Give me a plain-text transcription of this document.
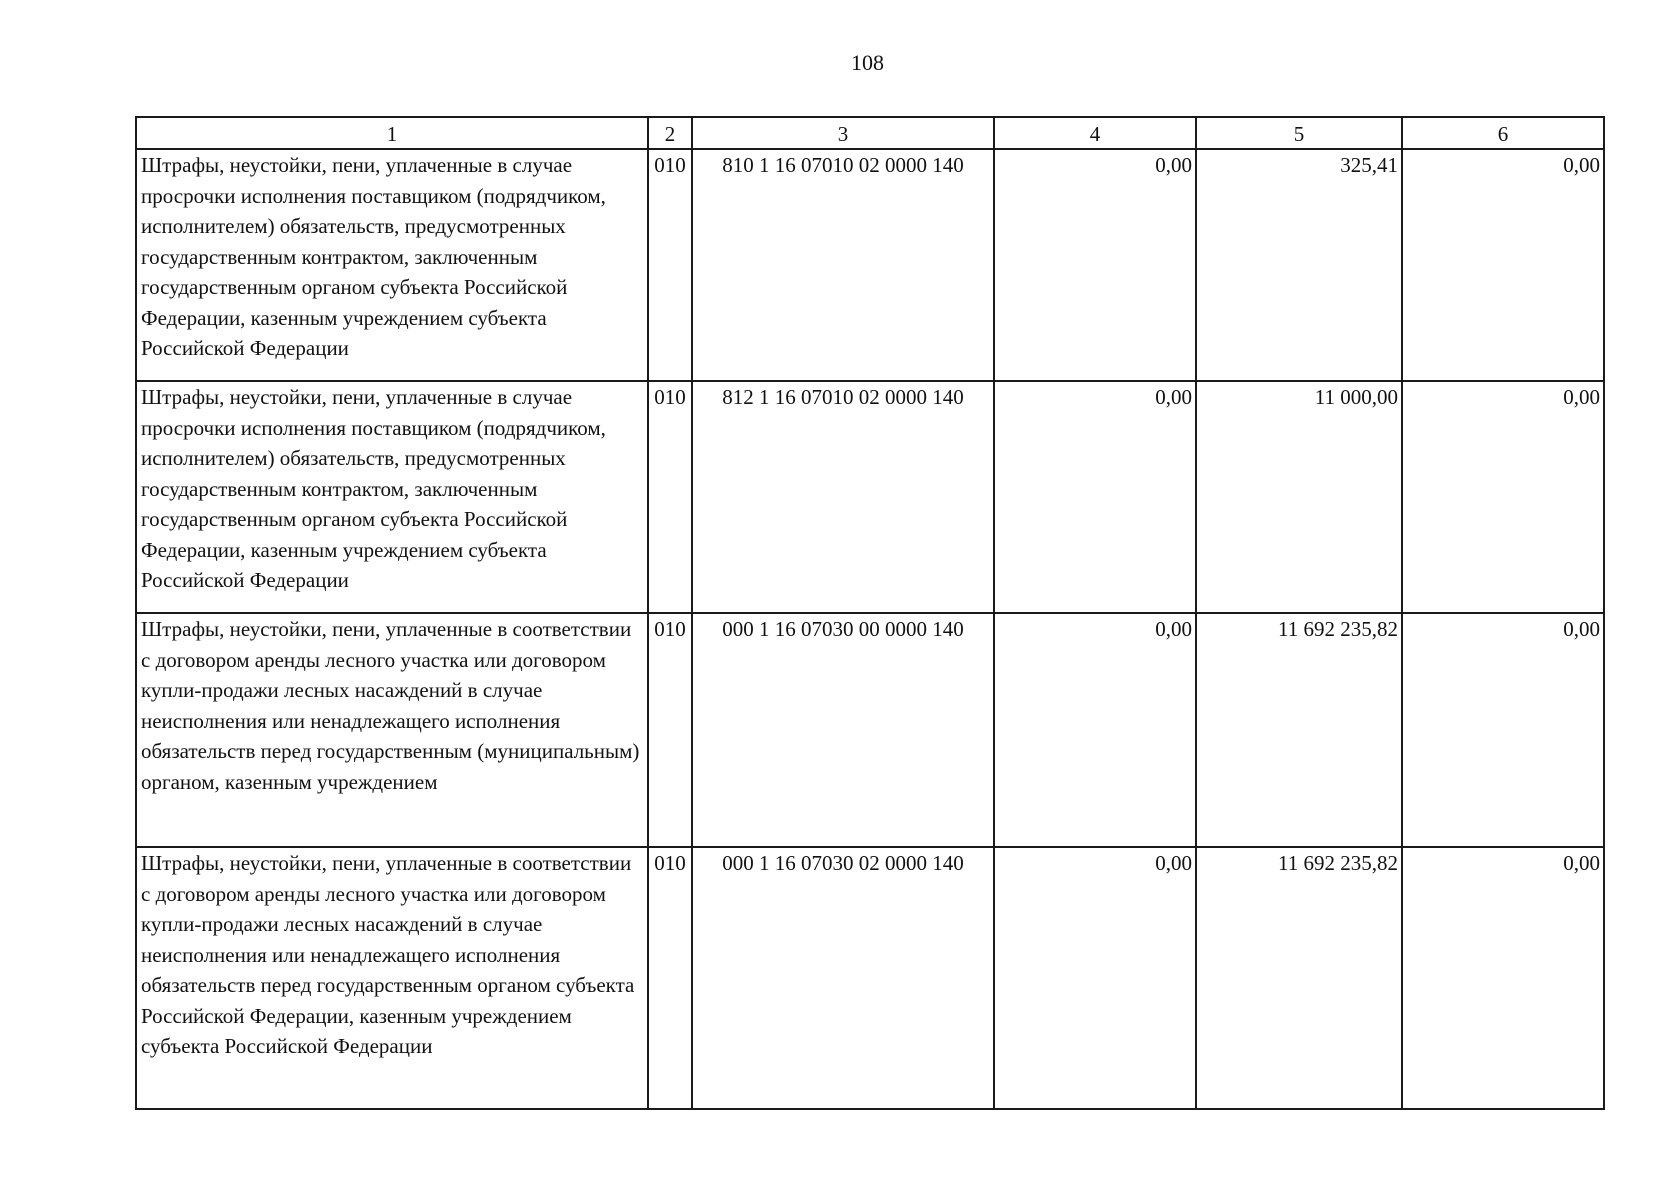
108
1	2	3	4	5	6
Штрафы, неустойки, пени, уплаченные в случае просрочки исполнения поставщиком (подрядчиком, исполнителем) обязательств, предусмотренных государственным контрактом, заключенным государственным органом субъекта Российской Федерации, казенным учреждением субъекта Российской Федерации	010	810 1 16 07010 02 0000 140	0,00	325,41	0,00
Штрафы, неустойки, пени, уплаченные в случае просрочки исполнения поставщиком (подрядчиком, исполнителем) обязательств, предусмотренных государственным контрактом, заключенным государственным органом субъекта Российской Федерации, казенным учреждением субъекта Российской Федерации	010	812 1 16 07010 02 0000 140	0,00	11 000,00	0,00
Штрафы, неустойки, пени, уплаченные в соответствии с договором аренды лесного участка или договором купли-продажи лесных насаждений в случае неисполнения или ненадлежащего исполнения обязательств перед государственным (муниципальным) органом, казенным учреждением	010	000 1 16 07030 00 0000 140	0,00	11 692 235,82	0,00
Штрафы, неустойки, пени, уплаченные в соответствии с договором аренды лесного участка или договором купли-продажи лесных насаждений в случае неисполнения или ненадлежащего исполнения обязательств перед государственным органом субъекта Российской Федерации, казенным учреждением субъекта Российской Федерации	010	000 1 16 07030 02 0000 140	0,00	11 692 235,82	0,00
